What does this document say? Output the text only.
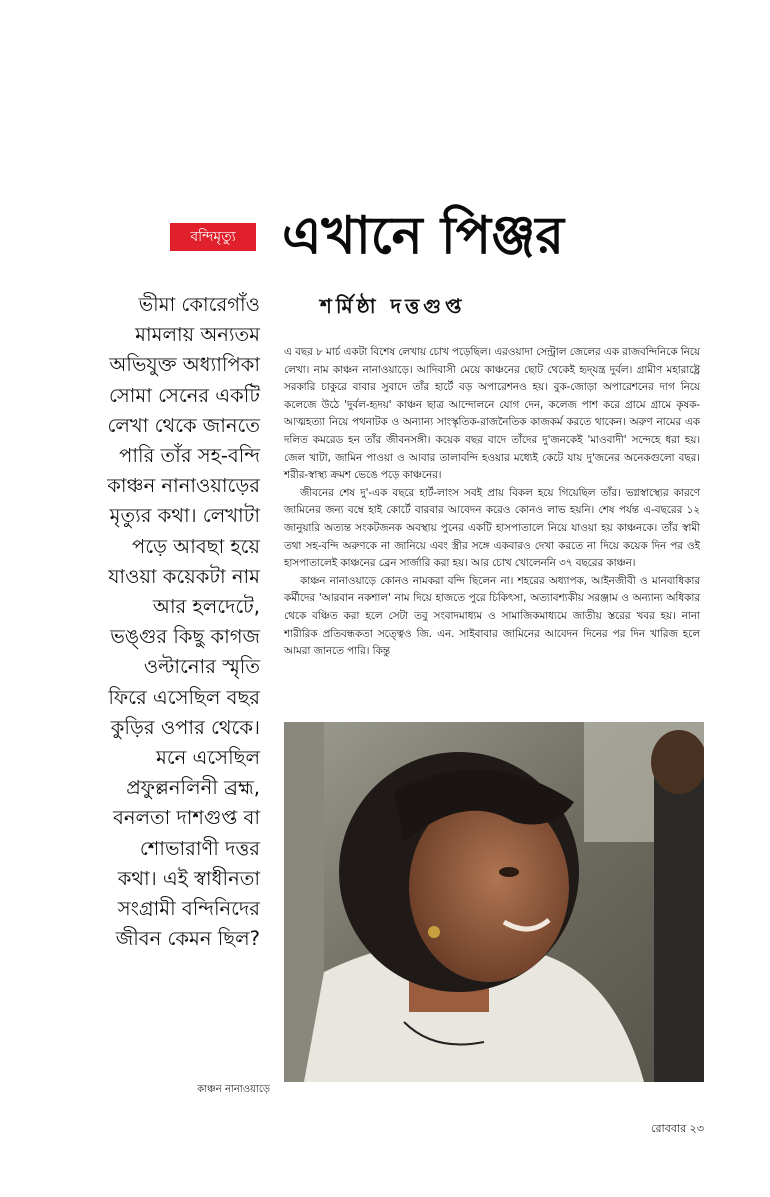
বন্দিমৃত্যু এখানে পিঞ্জর
শর্মিষ্ঠা দত্তগুপ্ত

ভীমা কোরেগাঁও মামলায় অন্যতম অভিযুক্ত অধ্যাপিকা সোমা সেনের একটি লেখা থেকে জানতে পারি তাঁর সহ-বন্দি কাঞ্চন নানাওয়াড়ের মৃত্যুর কথা। লেখাটা পড়ে আবছা হয়ে যাওয়া কয়েকটা নাম আর হলদেটে, ভঙ্গুর কিছু কাগজ ওল্টানোর স্মৃতি ফিরে এসেছিল বছর কুড়ির ওপার থেকে। মনে এসেছিল প্রফুল্লনলিনী ব্রহ্ম, বনলতা দাশগুপ্ত বা শোভারাণী দত্তর কথা। এই স্বাধীনতা সংগ্রামী বন্দিনিদের জীবন কেমন ছিল?

এ বছর ৮ মার্চ একটা বিশেষ লেখায় চোখ পড়েছিল। এরওয়াদা সেন্ট্রাল জেলের এক রাজবন্দিনিকে নিয়ে লেখা। নাম কাঞ্চন নানাওয়াড়ে। আদিবাসী মেয়ে কাঞ্চনের ছোট থেকেই হৃদ্‌যন্ত্র দুর্বল। গ্রামীণ মহারাষ্ট্রে সরকারি চাকুরে বাবার সুবাদে তাঁর হার্টে বড় অপারেশনও হয়। বুক-জোড়া অপারেশনের দাগ নিয়ে কলেজে উঠে 'দুর্বল-হৃদয়' কাঞ্চন ছাত্র আন্দোলনে যোগ দেন, কলেজ পাশ করে গ্রামে গ্রামে কৃষক-আত্মহত্যা নিয়ে পথনাটক ও অন্যান্য সাংস্কৃতিক-রাজনৈতিক কাজকর্ম করতে থাকেন। অরুণ নামের এক দলিত কমরেড হন তাঁর জীবনসঙ্গী। কয়েক বছর বাদে তাঁদের দু'জনকেই 'মাওবাদী' সন্দেহে ধরা হয়। জেল খাটা, জামিন পাওয়া ও আবার তালাবন্দি হওয়ার মধ্যেই কেটে যায় দু'জনের অনেকগুলো বছর। শরীর-স্বাস্থ্য ক্রমশ ভেঙে পড়ে কাঞ্চনের।

জীবনের শেষ দু'-এক বছরে হার্ট-লাংস সবই প্রায় বিকল হয়ে গিয়েছিল তাঁর। ভগ্নস্বাস্থ্যের কারণে জামিনের জন্য বম্বে হাই কোর্টে বারবার আবেদন করেও কোনও লাভ হয়নি। শেষ পর্যন্ত এ-বছরের ১২ জানুয়ারি অত্যন্ত সংকটজনক অবস্থায় পুনের একটি হাসপাতালে নিয়ে যাওয়া হয় কাঞ্চনকে। তাঁর স্বামী তথা সহ-বন্দি অরুণকে না জানিয়ে এবং স্ত্রীর সঙ্গে একবারও দেখা করতে না দিয়ে কয়েক দিন পর ওই হাসপাতালেই কাঞ্চনের ব্রেন সার্জারি করা হয়। আর চোখ খোলেননি ৩৭ বছরের কাঞ্চন।

কাঞ্চন নানাওয়াড়ে কোনও নামকরা বন্দি ছিলেন না। শহরের অধ্যাপক, আইনজীবী ও মানবাধিকার কর্মীদের 'আরবান নকশাল' নাম দিয়ে হাজতে পুরে চিকিৎসা, অত্যাবশ্যকীয় সরঞ্জাম ও অন্যান্য অধিকার থেকে বঞ্চিত করা হলে সেটা তবু সংবাদমাধ্যম ও সামাজিকমাধ্যমে জাতীয় স্তরের খবর হয়। নানা শারীরিক প্রতিবন্ধকতা সত্ত্বেও জি. এন. সাইবাবার জামিনের আবেদন দিনের পর দিন খারিজ হলে আমরা জানতে পারি। কিন্তু

কাঞ্চন নানাওয়াড়ে
রোববার ২৩
